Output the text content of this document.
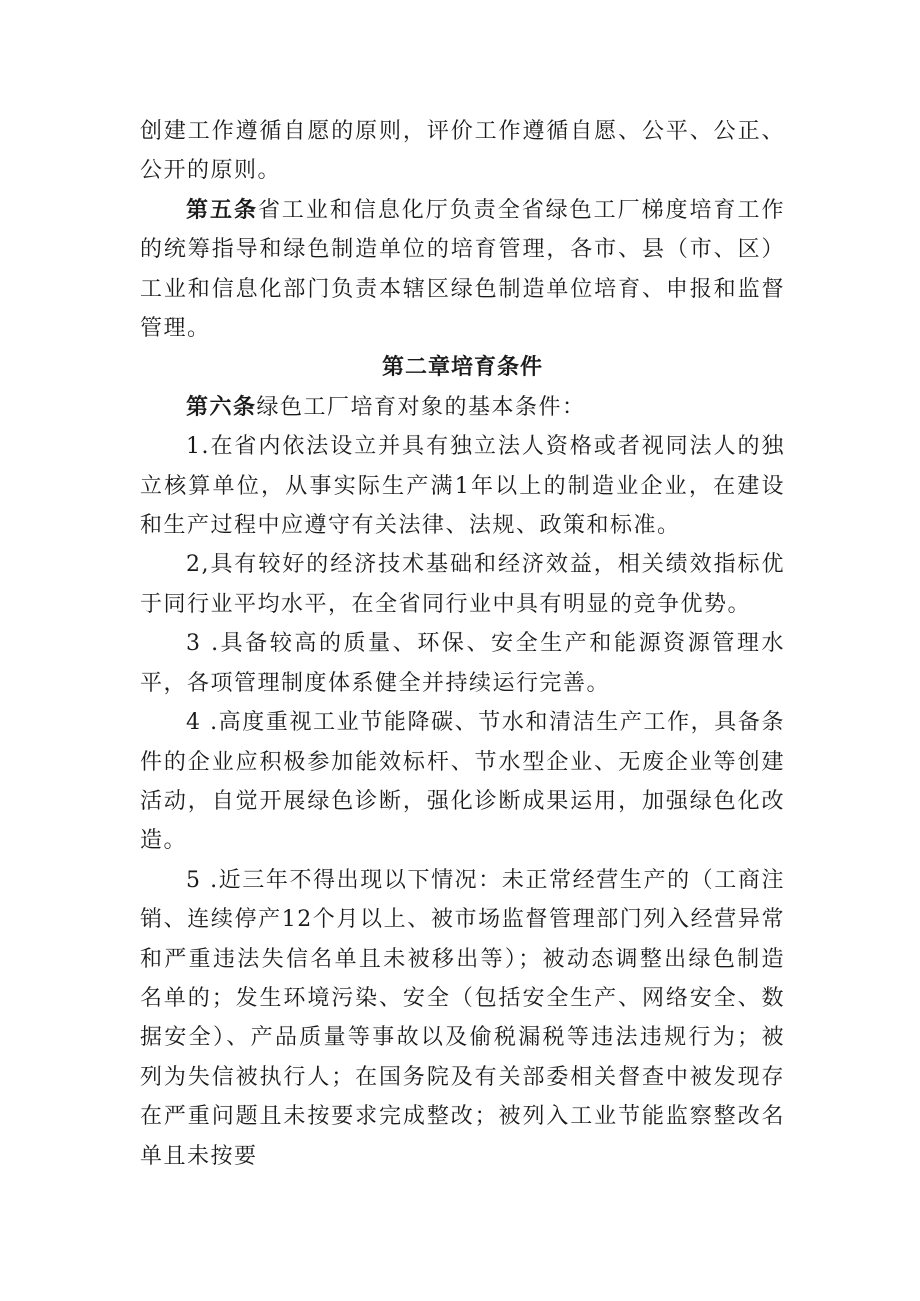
创建工作遵循自愿的原则，评价工作遵循自愿、公平、公正、公开的原则。

第五条省工业和信息化厅负责全省绿色工厂梯度培育工作的统筹指导和绿色制造单位的培育管理，各市、县（市、区）工业和信息化部门负责本辖区绿色制造单位培育、申报和监督管理。

第二章培育条件

第六条绿色工厂培育对象的基本条件：

1.在省内依法设立并具有独立法人资格或者视同法人的独立核算单位，从事实际生产满1年以上的制造业企业，在建设和生产过程中应遵守有关法律、法规、政策和标准。

2,具有较好的经济技术基础和经济效益，相关绩效指标优于同行业平均水平，在全省同行业中具有明显的竞争优势。

3 .具备较高的质量、环保、安全生产和能源资源管理水平，各项管理制度体系健全并持续运行完善。

4 .高度重视工业节能降碳、节水和清洁生产工作，具备条件的企业应积极参加能效标杆、节水型企业、无废企业等创建活动，自觉开展绿色诊断，强化诊断成果运用，加强绿色化改造。

5 .近三年不得出现以下情况：未正常经营生产的（工商注销、连续停产12个月以上、被市场监督管理部门列入经营异常和严重违法失信名单且未被移出等）；被动态调整出绿色制造名单的；发生环境污染、安全（包括安全生产、网络安全、数据安全）、产品质量等事故以及偷税漏税等违法违规行为；被列为失信被执行人；在国务院及有关部委相关督查中被发现存在严重问题且未按要求完成整改；被列入工业节能监察整改名单且未按要
